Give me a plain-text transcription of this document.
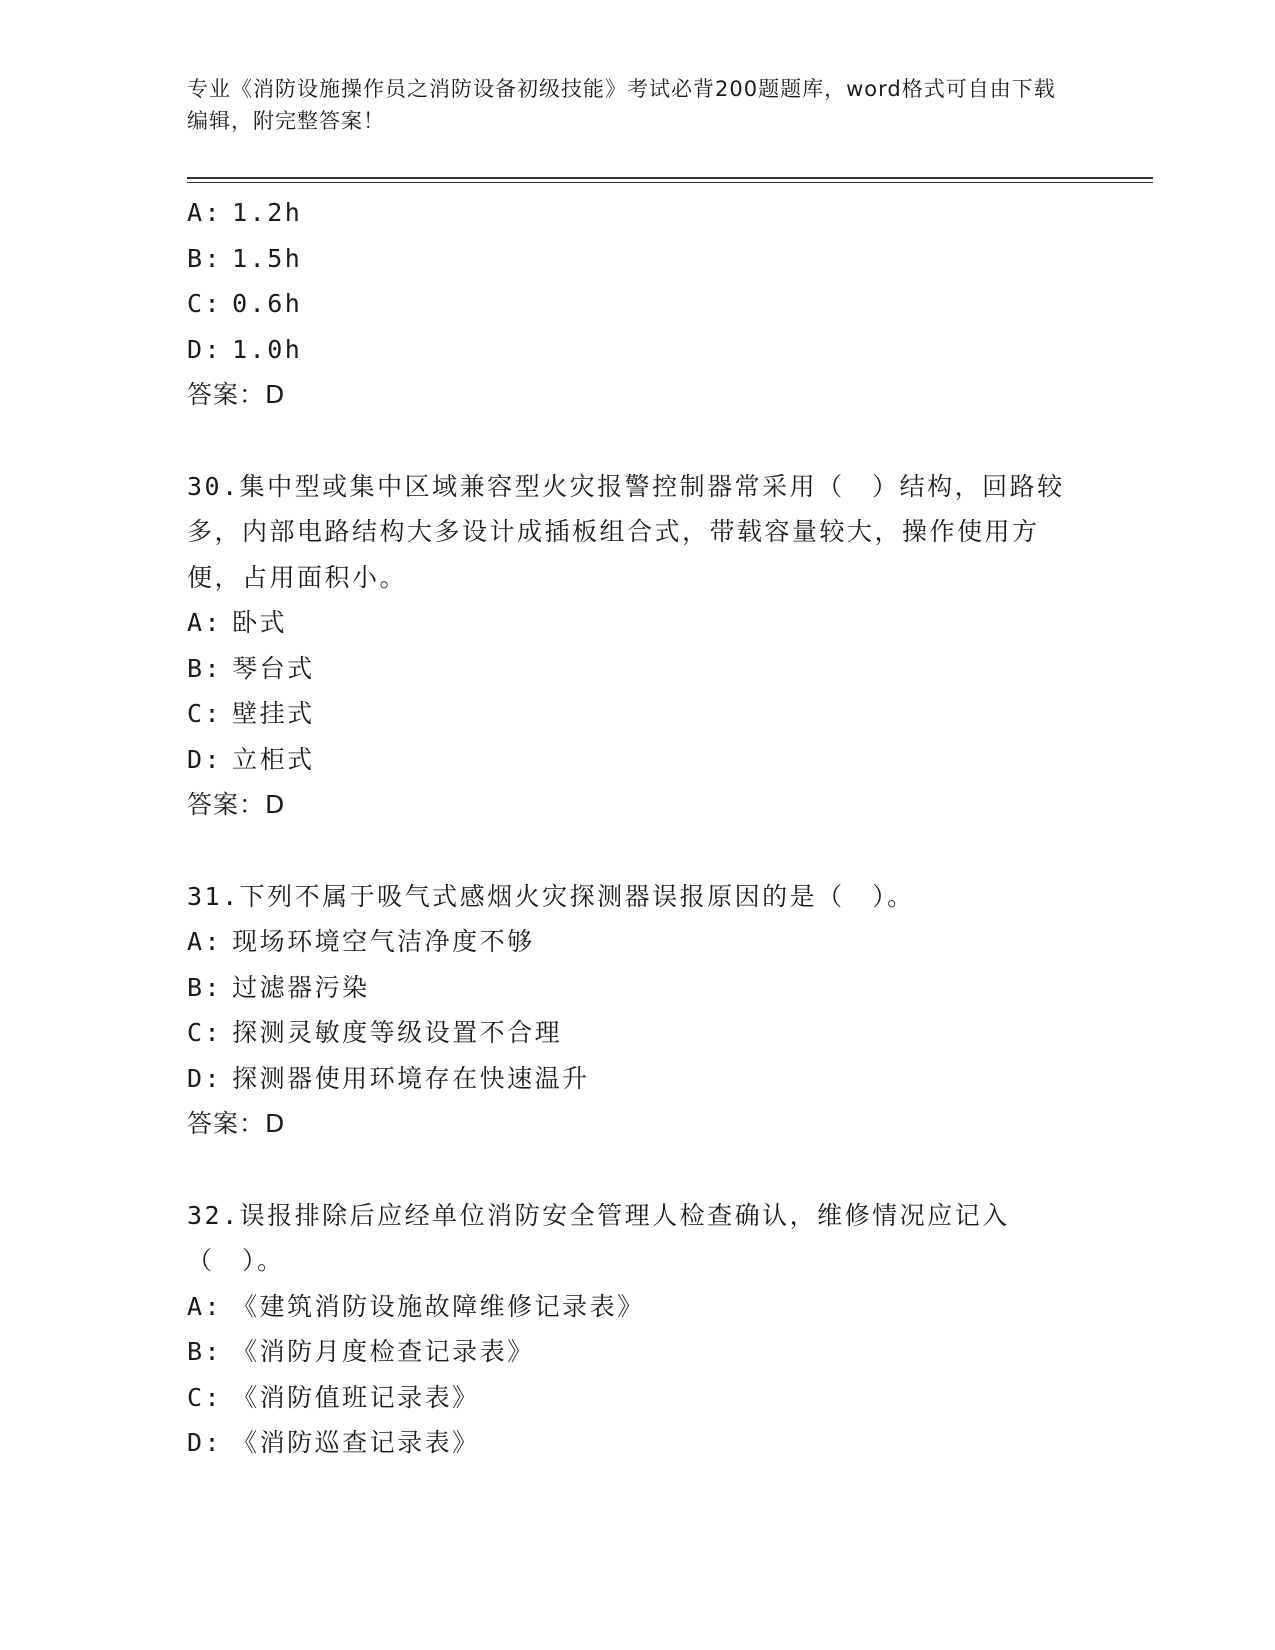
专业《消防设施操作员之消防设备初级技能》考试必背200题题库，word格式可自由下载编辑，附完整答案！
A: 1.2h
B: 1.5h
C: 0.6h
D: 1.0h
答案：D
30.集中型或集中区域兼容型火灾报警控制器常采用（　）结构，回路较多，内部电路结构大多设计成插板组合式，带载容量较大，操作使用方便，占用面积小。
A: 卧式
B: 琴台式
C: 壁挂式
D: 立柜式
答案：D
31.下列不属于吸气式感烟火灾探测器误报原因的是（　）。
A: 现场环境空气洁净度不够
B: 过滤器污染
C: 探测灵敏度等级设置不合理
D: 探测器使用环境存在快速温升
答案：D
32.误报排除后应经单位消防安全管理人检查确认，维修情况应记入（　）。
A: 《建筑消防设施故障维修记录表》
B: 《消防月度检查记录表》
C: 《消防值班记录表》
D: 《消防巡查记录表》
